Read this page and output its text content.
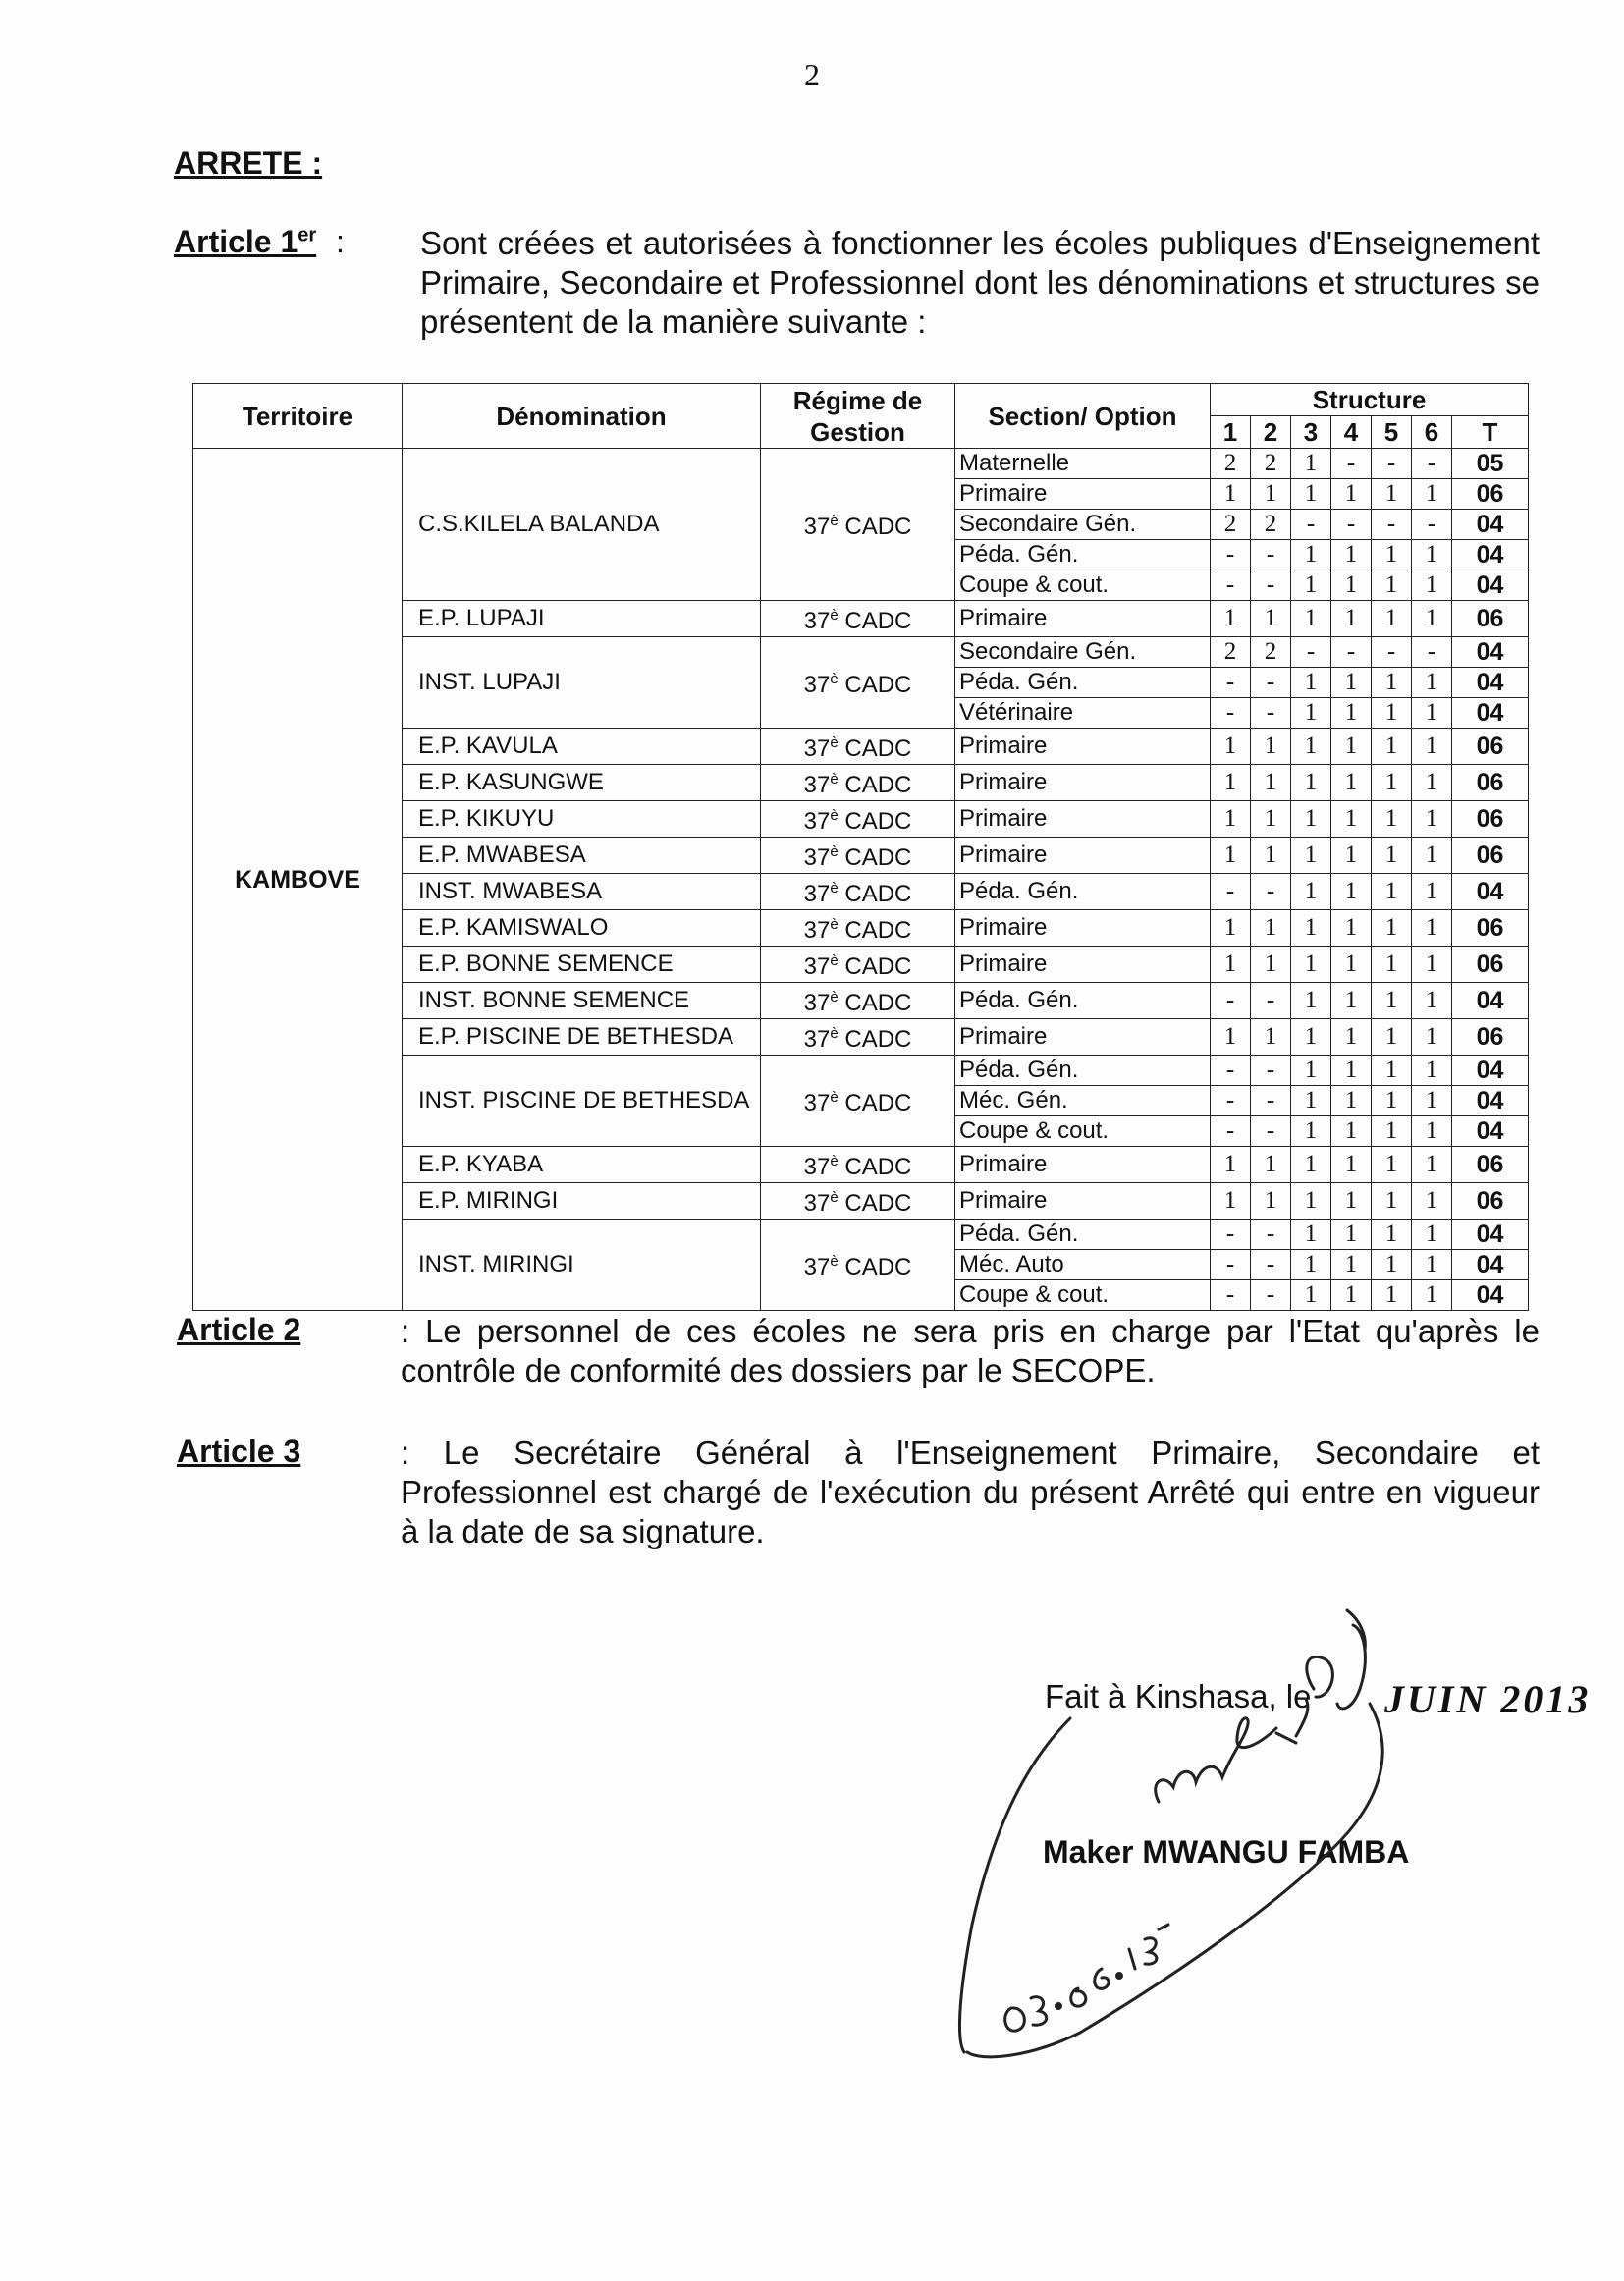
2
ARRETE :
Article 1er : Sont créées et autorisées à fonctionner les écoles publiques d'Enseignement Primaire, Secondaire et Professionnel dont les dénominations et structures se présentent de la manière suivante :
Territoire	Dénomination	Régime de Gestion	Section/ Option	Structure						
				1	2	3	4	5	6	T
KAMBOVE	C.S.KILELA BALANDA	$37^è$ CADC	Maternelle	2	2	1	-	-	-	05
			Primaire	1	1	1	1	1	1	06
			Secondaire Gén.	2	2	-	-	-	-	04
			Péda. Gén.	-	-	1	1	1	1	04
			Coupe & cout.	-	-	1	1	1	1	04
	E.P. LUPAJI	$37^è$ CADC	Primaire	1	1	1	1	1	1	06
	INST. LUPAJI	$37^è$ CADC	Secondaire Gén.	2	2	-	-	-	-	04
			Péda. Gén.	-	-	1	1	1	1	04
			Vétérinaire	-	-	1	1	1	1	04
	E.P. KAVULA	$37^è$ CADC	Primaire	1	1	1	1	1	1	06
	E.P. KASUNGWE	$37^è$ CADC	Primaire	1	1	1	1	1	1	06
	E.P. KIKUYU	$37^è$ CADC	Primaire	1	1	1	1	1	1	06
	E.P. MWABESA	$37^è$ CADC	Primaire	1	1	1	1	1	1	06
	INST. MWABESA	$37^è$ CADC	Péda. Gén.	-	-	1	1	1	1	04
	E.P. KAMISWALO	$37^è$ CADC	Primaire	1	1	1	1	1	1	06
	E.P. BONNE SEMENCE	$37^è$ CADC	Primaire	1	1	1	1	1	1	06
	INST. BONNE SEMENCE	$37^è$ CADC	Péda. Gén.	-	-	1	1	1	1	04
	E.P. PISCINE DE BETHESDA	$37^è$ CADC	Primaire	1	1	1	1	1	1	06
	INST. PISCINE DE BETHESDA	$37^è$ CADC	Péda. Gén.	-	-	1	1	1	1	04
			Méc. Gén.	-	-	1	1	1	1	04
			Coupe & cout.	-	-	1	1	1	1	04
	E.P. KYABA	$37^è$ CADC	Primaire	1	1	1	1	1	1	06
	E.P. MIRINGI	$37^è$ CADC	Primaire	1	1	1	1	1	1	06
	INST. MIRINGI	$37^è$ CADC	Péda. Gén.	-	-	1	1	1	1	04
			Méc. Auto	-	-	1	1	1	1	04
			Coupe & cout.	-	-	1	1	1	1	04
Article 2	: Le personnel de ces écoles ne sera pris en charge par l'Etat qu'après le contrôle de conformité des dossiers par le SECOPE.
Article 3	: Le Secrétaire Général à l'Enseignement Primaire, Secondaire et Professionnel est chargé de l'exécution du présent Arrêté qui entre en vigueur à la date de sa signature.
Fait à Kinshasa, le JUIN 2013
Maker MWANGU FAMBA
